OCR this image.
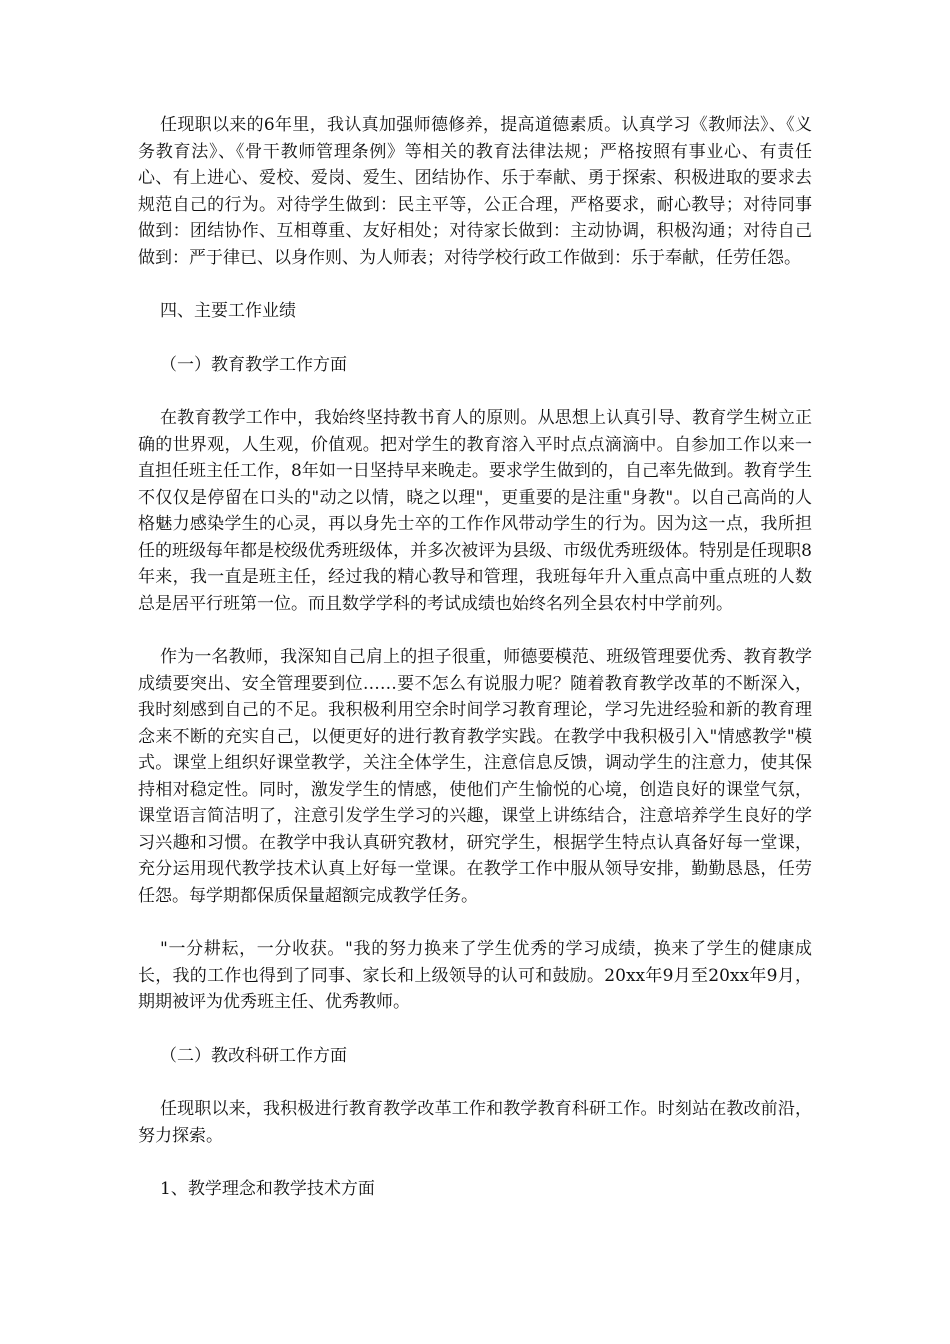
任现职以来的6年里，我认真加强师德修养，提高道德素质。认真学习《教师法》、《义务教育法》、《骨干教师管理条例》等相关的教育法律法规；严格按照有事业心、有责任心、有上进心、爱校、爱岗、爱生、团结协作、乐于奉献、勇于探索、积极进取的要求去规范自己的行为。对待学生做到：民主平等，公正合理，严格要求，耐心教导；对待同事做到：团结协作、互相尊重、友好相处；对待家长做到：主动协调，积极沟通；对待自己做到：严于律已、以身作则、为人师表；对待学校行政工作做到：乐于奉献，任劳任怨。

四、主要工作业绩

（一）教育教学工作方面

在教育教学工作中，我始终坚持教书育人的原则。从思想上认真引导、教育学生树立正确的世界观，人生观，价值观。把对学生的教育溶入平时点点滴滴中。自参加工作以来一直担任班主任工作，8年如一日坚持早来晚走。要求学生做到的，自己率先做到。教育学生不仅仅是停留在口头的"动之以情，晓之以理"，更重要的是注重"身教"。以自己高尚的人格魅力感染学生的心灵，再以身先士卒的工作作风带动学生的行为。因为这一点，我所担任的班级每年都是校级优秀班级体，并多次被评为县级、市级优秀班级体。特别是任现职8年来，我一直是班主任，经过我的精心教导和管理，我班每年升入重点高中重点班的人数总是居平行班第一位。而且数学学科的考试成绩也始终名列全县农村中学前列。

作为一名教师，我深知自己肩上的担子很重，师德要模范、班级管理要优秀、教育教学成绩要突出、安全管理要到位……要不怎么有说服力呢？随着教育教学改革的不断深入，我时刻感到自己的不足。我积极利用空余时间学习教育理论，学习先进经验和新的教育理念来不断的充实自己，以便更好的进行教育教学实践。在教学中我积极引入"情感教学"模式。课堂上组织好课堂教学，关注全体学生，注意信息反馈，调动学生的注意力，使其保持相对稳定性。同时，激发学生的情感，使他们产生愉悦的心境，创造良好的课堂气氛，课堂语言简洁明了，注意引发学生学习的兴趣，课堂上讲练结合，注意培养学生良好的学习兴趣和习惯。在教学中我认真研究教材，研究学生，根据学生特点认真备好每一堂课，充分运用现代教学技术认真上好每一堂课。在教学工作中服从领导安排，勤勤恳恳，任劳任怨。每学期都保质保量超额完成教学任务。

"一分耕耘，一分收获。"我的努力换来了学生优秀的学习成绩，换来了学生的健康成长，我的工作也得到了同事、家长和上级领导的认可和鼓励。20xx年9月至20xx年9月，期期被评为优秀班主任、优秀教师。

（二）教改科研工作方面

任现职以来，我积极进行教育教学改革工作和教学教育科研工作。时刻站在教改前沿，努力探索。

1、教学理念和教学技术方面
